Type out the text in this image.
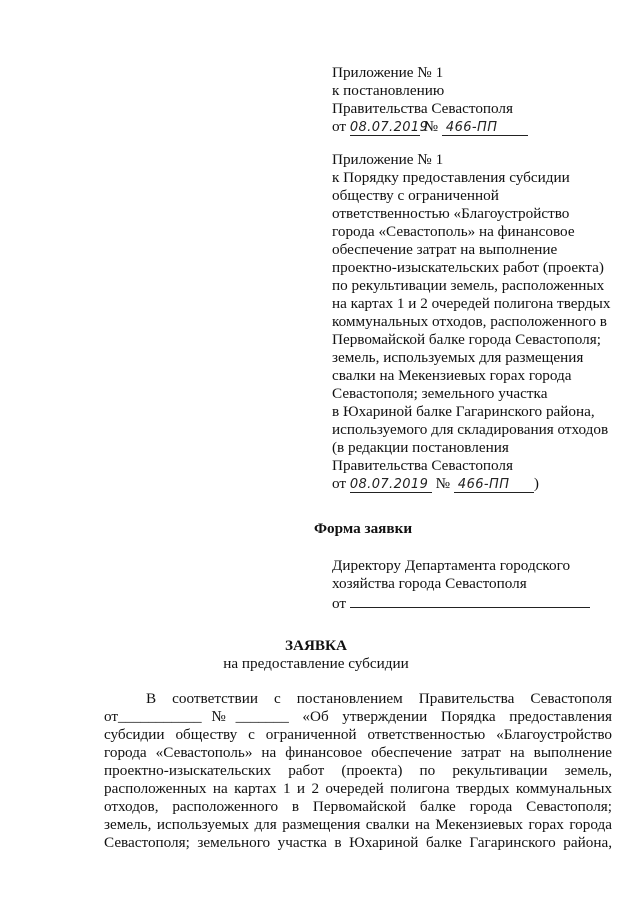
Приложение № 1
к постановлению
Правительства Севастополя
от 08.07.2019 № 466-ПП
Приложение № 1
к Порядку предоставления субсидии
обществу с ограниченной
ответственностью «Благоустройство
города «Севастополь» на финансовое
обеспечение затрат на выполнение
проектно-изыскательских работ (проекта)
по рекультивации земель, расположенных
на картах 1 и 2 очередей полигона твердых
коммунальных отходов, расположенного в
Первомайской балке города Севастополя;
земель, используемых для размещения
свалки на Мекензиевых горах города
Севастополя; земельного участка
в Юхариной балке Гагаринского района,
используемого для складирования отходов
(в редакции постановления
Правительства Севастополя
от 08.07.2019 № 466-ПП )
Форма заявки
Директору Департамента городского
хозяйства города Севастополя
от
ЗАЯВКА
на предоставление субсидии
В соответствии с постановлением Правительства Севастополя
от___________№_______ «Об утверждении Порядка предоставления
субсидии обществу с ограниченной ответственностью «Благоустройство
города «Севастополь» на финансовое обеспечение затрат на выполнение
проектно-изыскательских работ (проекта) по рекультивации земель,
расположенных на картах 1 и 2 очередей полигона твердых коммунальных
отходов, расположенного в Первомайской балке города Севастополя;
земель, используемых для размещения свалки на Мекензиевых горах города
Севастополя; земельного участка в Юхариной балке Гагаринского района,
